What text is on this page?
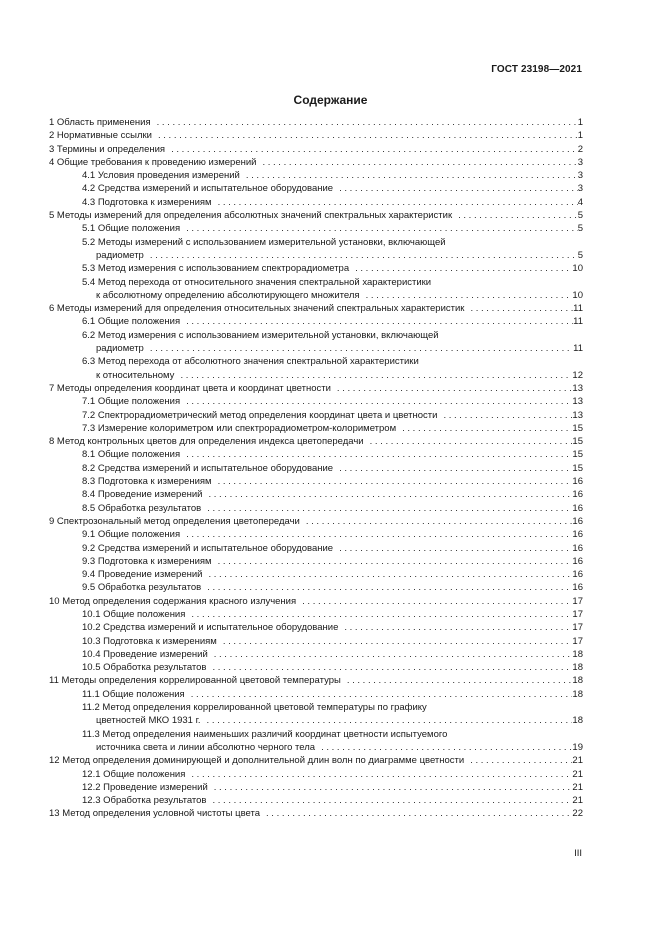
ГОСТ 23198—2021
Содержание
1 Область применения . . .	1
2 Нормативные ссылки . . .	1
3 Термины и определения . . .	2
4 Общие требования к проведению измерений . . .	3
4.1 Условия проведения измерений . . .	3
4.2 Средства измерений и испытательное оборудование . . .	3
4.3 Подготовка к измерениям . . .	4
5 Методы измерений для определения абсолютных значений спектральных характеристик . . .	5
5.1 Общие положения . . .	5
5.2 Методы измерений с использованием измерительной установки, включающей
радиометр . . .	5
5.3 Метод измерения с использованием спектрорадиометра . . .	10
5.4 Метод перехода от относительного значения спектральной характеристики
к абсолютному определению абсолютирующего множителя . . .	10
6 Методы измерений для определения относительных значений спектральных характеристик . . .	11
6.1 Общие положения . . .	11
6.2 Метод измерения с использованием измерительной установки, включающей
радиометр . . .	11
6.3 Метод перехода от абсолютного значения спектральной характеристики
к относительному . . .	12
7 Методы определения координат цвета и координат цветности . . .	13
7.1 Общие положения . . .	13
7.2 Спектрорадиометрический метод определения координат цвета и цветности . . .	13
7.3 Измерение колориметром или спектрорадиометром-колориметром . . .	15
8 Метод контрольных цветов для определения индекса цветопередачи . . .	15
8.1 Общие положения . . .	15
8.2 Средства измерений и испытательное оборудование . . .	15
8.3 Подготовка к измерениям . . .	16
8.4 Проведение измерений . . .	16
8.5 Обработка результатов . . .	16
9 Спектрозональный метод определения цветопередачи . . .	16
9.1 Общие положения . . .	16
9.2 Средства измерений и испытательное оборудование . . .	16
9.3 Подготовка к измерениям . . .	16
9.4 Проведение измерений . . .	16
9.5 Обработка результатов . . .	16
10 Метод определения содержания красного излучения . . .	17
10.1 Общие положения . . .	17
10.2 Средства измерений и испытательное оборудование . . .	17
10.3 Подготовка к измерениям . . .	17
10.4 Проведение измерений . . .	18
10.5 Обработка результатов . . .	18
11 Методы определения коррелированной цветовой температуры . . .	18
11.1 Общие положения . . .	18
11.2 Метод определения коррелированной цветовой температуры по графику
цветностей МКО 1931 г. . . .	18
11.3 Метод определения наименьших различий координат цветности испытуемого
источника света и линии абсолютно черного тела . . .	19
12 Метод определения доминирующей и дополнительной длин волн по диаграмме цветности . . .	21
12.1 Общие положения . . .	21
12.2 Проведение измерений . . .	21
12.3 Обработка результатов . . .	21
13 Метод определения условной чистоты цвета . . .	22
III
